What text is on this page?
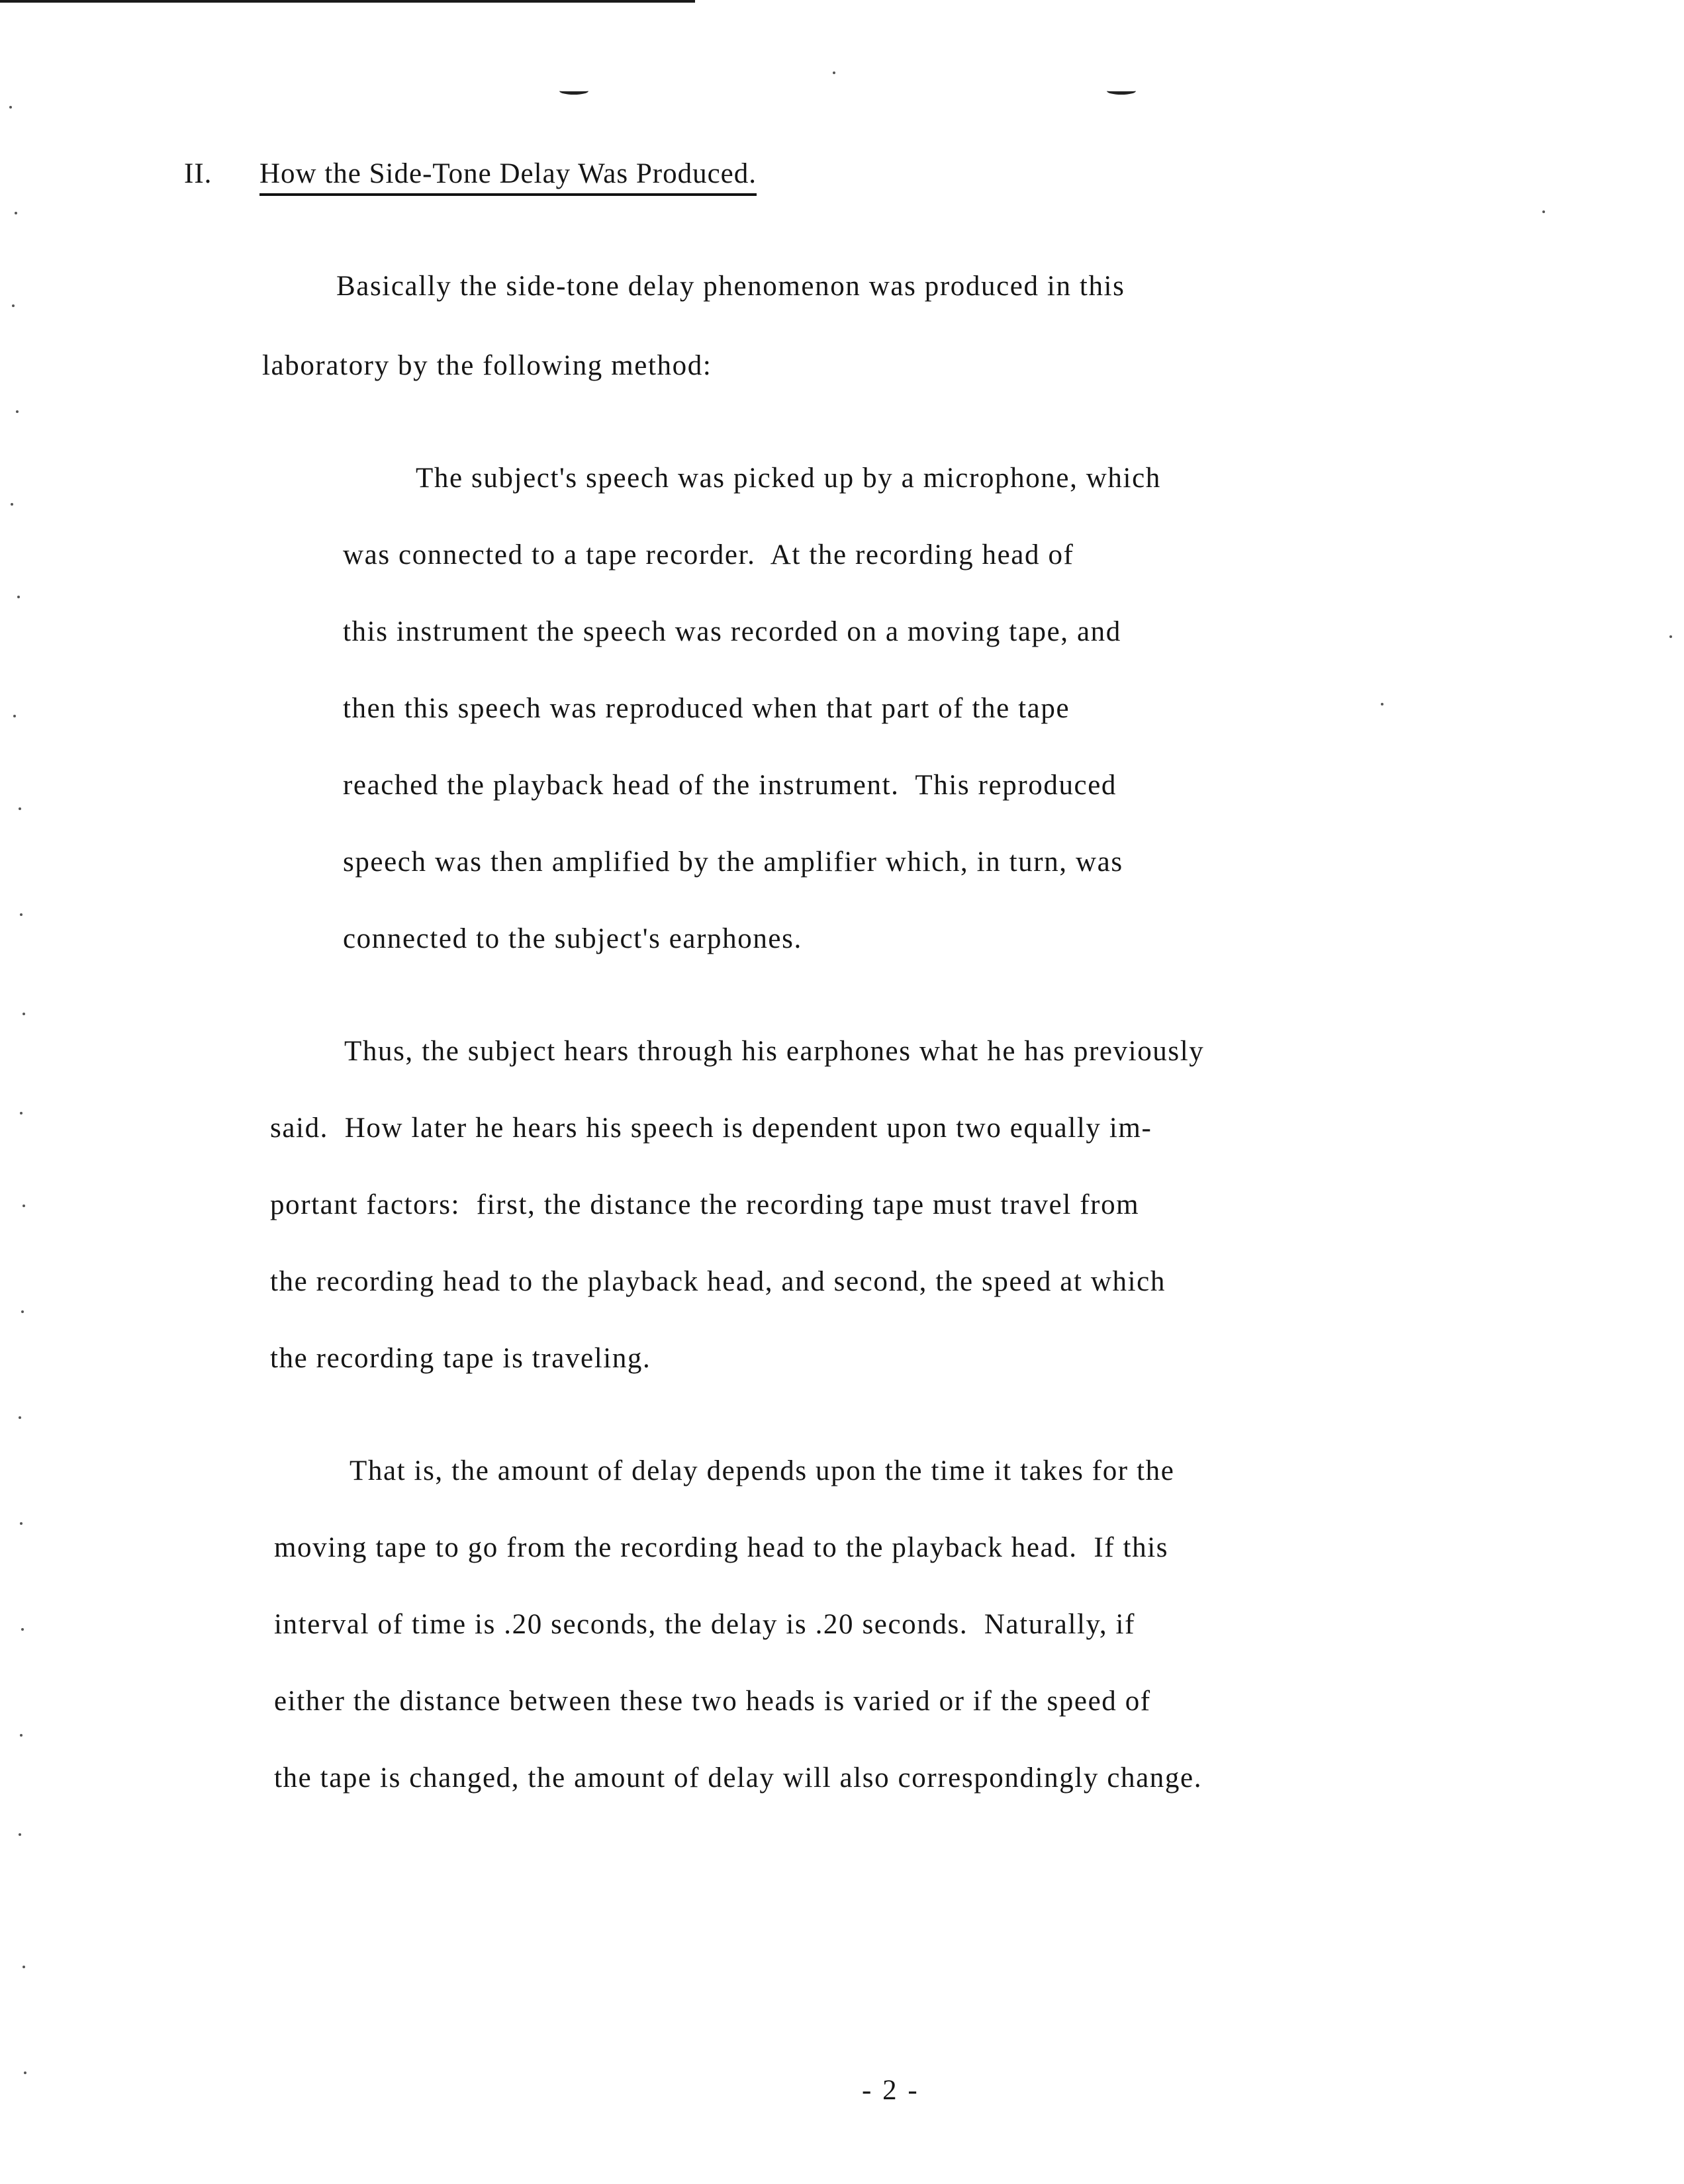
II. How the Side-Tone Delay Was Produced.
Basically the side-tone delay phenomenon was produced in this
laboratory by the following method:
The subject's speech was picked up by a microphone, which
was connected to a tape recorder.  At the recording head of
this instrument the speech was recorded on a moving tape, and
then this speech was reproduced when that part of the tape
reached the playback head of the instrument.  This reproduced
speech was then amplified by the amplifier which, in turn, was
connected to the subject's earphones.
Thus, the subject hears through his earphones what he has previously
said.  How later he hears his speech is dependent upon two equally im-
portant factors:  first, the distance the recording tape must travel from
the recording head to the playback head, and second, the speed at which
the recording tape is traveling.
That is, the amount of delay depends upon the time it takes for the
moving tape to go from the recording head to the playback head.  If this
interval of time is .20 seconds, the delay is .20 seconds.  Naturally, if
either the distance between these two heads is varied or if the speed of
the tape is changed, the amount of delay will also correspondingly change.
- 2 -
